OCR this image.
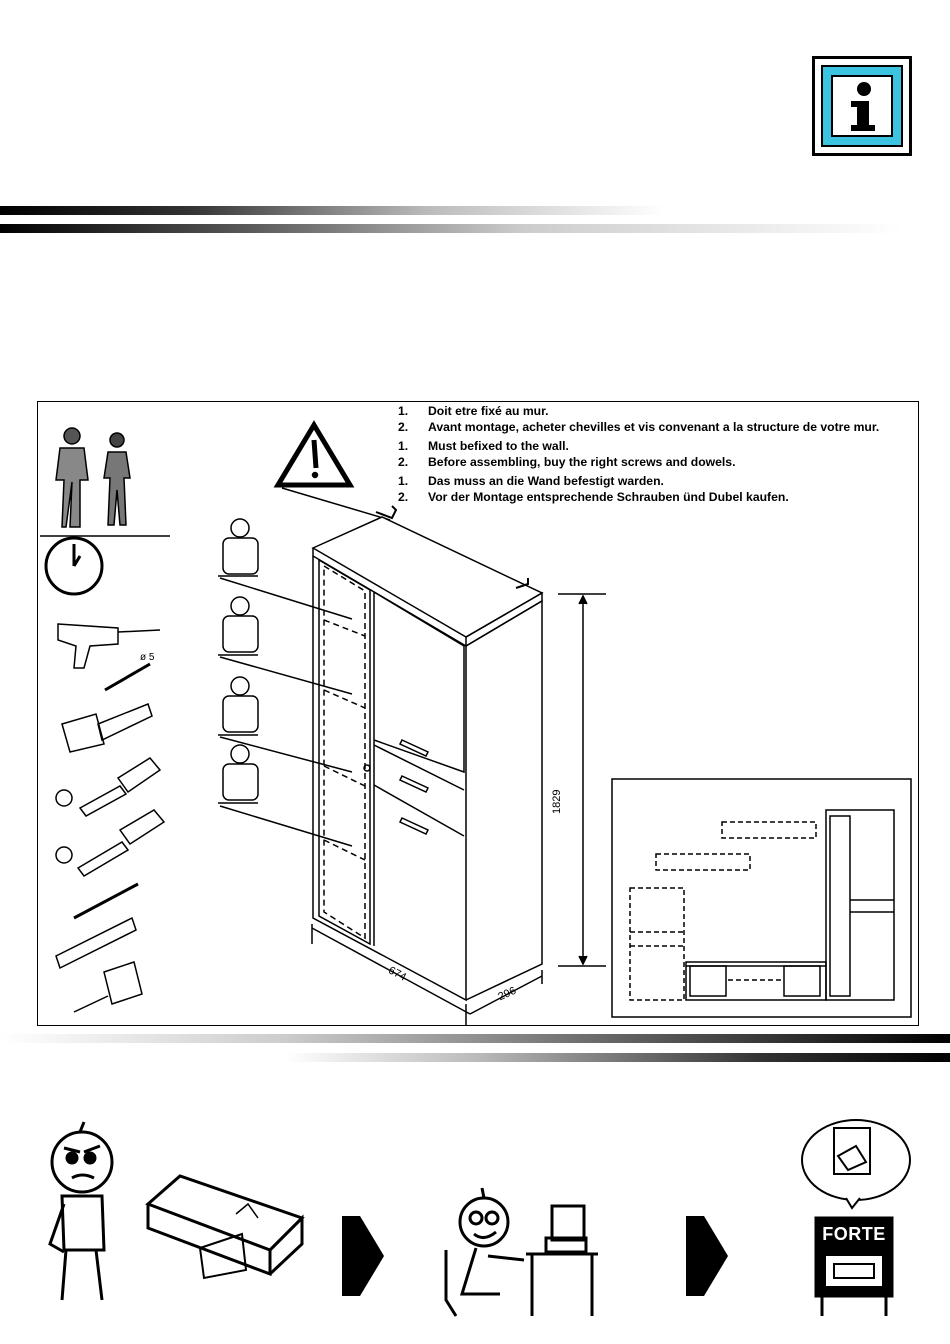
1.	Doit etre fixé au mur.
2.	Avant montage, acheter chevilles et vis convenant a la structure de votre mur.
1.	Must befixed to the wall.
2.	Before assembling, buy the right screws and dowels.
1.	Das muss an die Wand befestigt warden.
2.	Vor der Montage entsprechende Schrauben ünd Dubel kaufen.
ø 5
1829
674
296
FORTE
